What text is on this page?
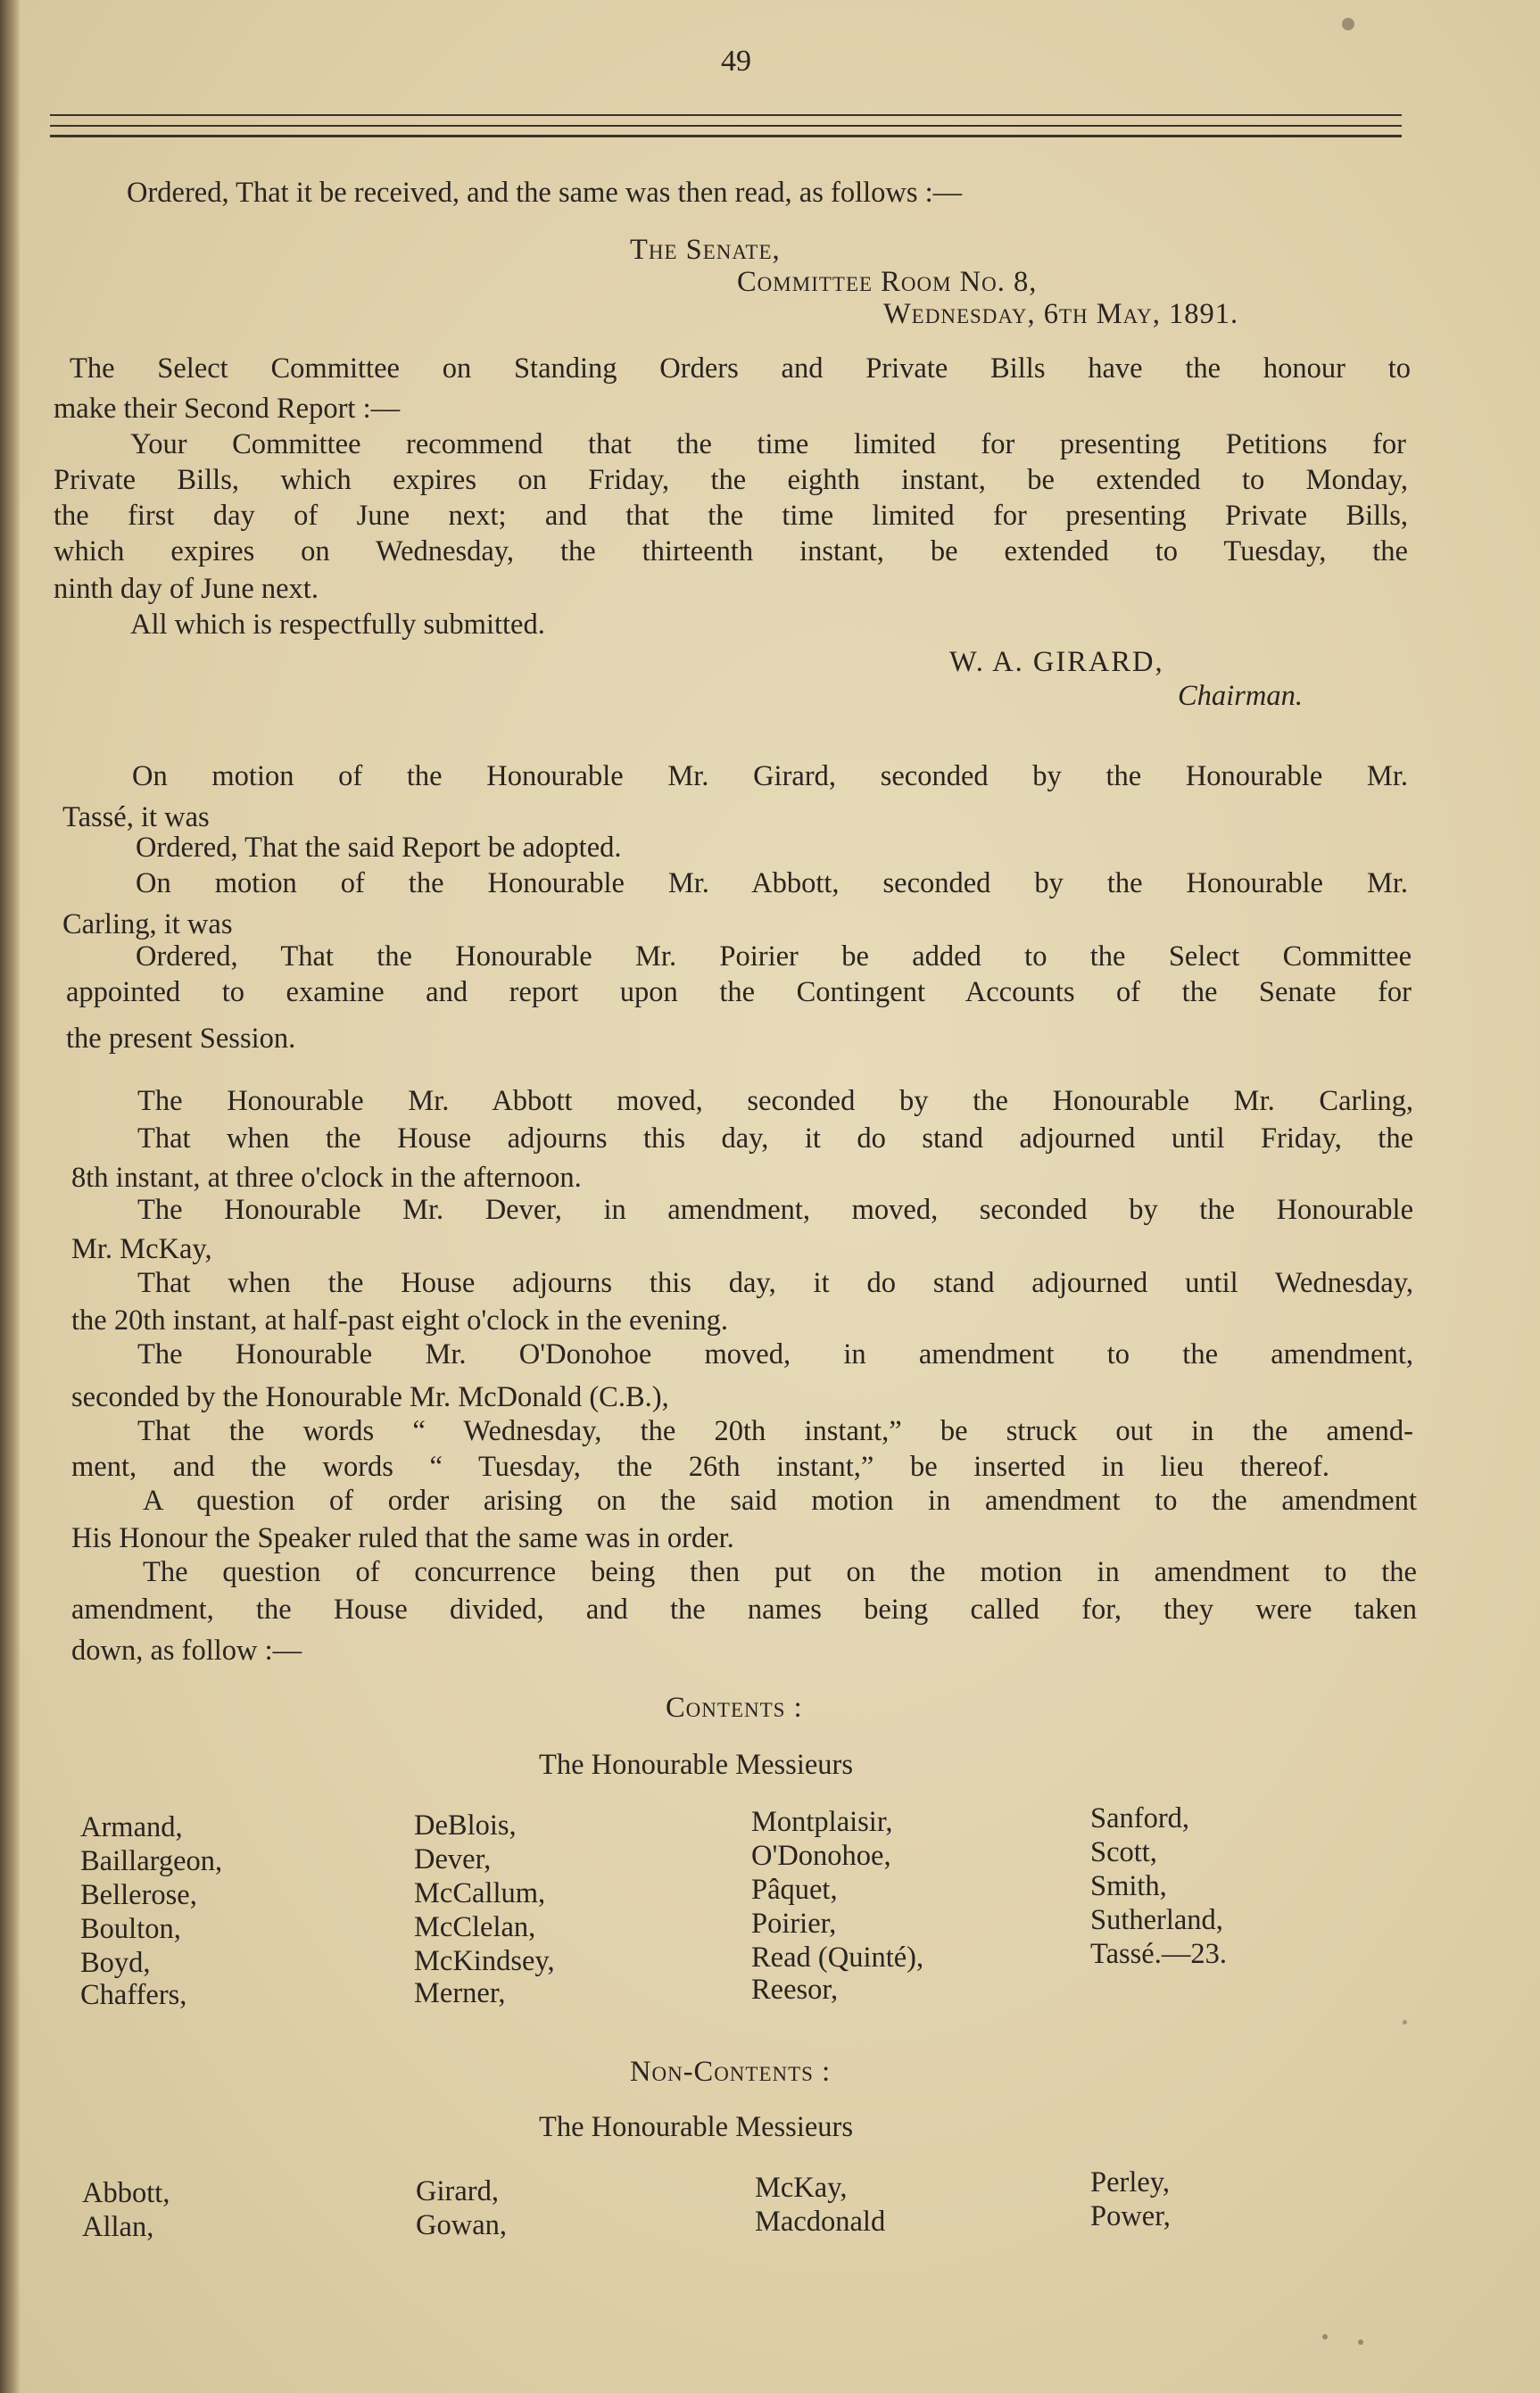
49
Ordered, That it be received, and the same was then read, as follows :—
The Senate,
Committee Room No. 8,
Wednesday, 6th May, 1891.
The Select Committee on Standing Orders and Private Bills have the honour to
make their Second Report :—
Your Committee recommend that the time limited for presenting Petitions for
Private Bills, which expires on Friday, the eighth instant, be extended to Monday,
the first day of June next; and that the time limited for presenting Private Bills,
which expires on Wednesday, the thirteenth instant, be extended to Tuesday, the
ninth day of June next.
All which is respectfully submitted.
W. A. GIRARD,
Chairman.
On motion of the Honourable Mr. Girard, seconded by the Honourable Mr.
Tassé, it was
Ordered, That the said Report be adopted.
On motion of the Honourable Mr. Abbott, seconded by the Honourable Mr.
Carling, it was
Ordered, That the Honourable Mr. Poirier be added to the Select Committee
appointed to examine and report upon the Contingent Accounts of the Senate for
the present Session.
The Honourable Mr. Abbott moved, seconded by the Honourable Mr. Carling,
That when the House adjourns this day, it do stand adjourned until Friday, the
8th instant, at three o'clock in the afternoon.
The Honourable Mr. Dever, in amendment, moved, seconded by the Honourable
Mr. McKay,
That when the House adjourns this day, it do stand adjourned until Wednesday,
the 20th instant, at half-past eight o'clock in the evening.
The Honourable Mr. O'Donohoe moved, in amendment to the amendment,
seconded by the Honourable Mr. McDonald (C.B.),
That the words “ Wednesday, the 20th instant,” be struck out in the amend-
ment, and the words “ Tuesday, the 26th instant,” be inserted in lieu thereof.
A question of order arising on the said motion in amendment to the amendment
His Honour the Speaker ruled that the same was in order.
The question of concurrence being then put on the motion in amendment to the
amendment, the House divided, and the names being called for, they were taken
down, as follow :—
Contents :
The Honourable Messieurs
Armand,
Baillargeon,
Bellerose,
Boulton,
Boyd,
Chaffers,
DeBlois,
Dever,
McCallum,
McClelan,
McKindsey,
Merner,
Montplaisir,
O'Donohoe,
Pâquet,
Poirier,
Read (Quinté),
Reesor,
Sanford,
Scott,
Smith,
Sutherland,
Tassé.—23.
Non-Contents :
The Honourable Messieurs
Abbott,
Allan,
Girard,
Gowan,
McKay,
Macdonald
Perley,
Power,
